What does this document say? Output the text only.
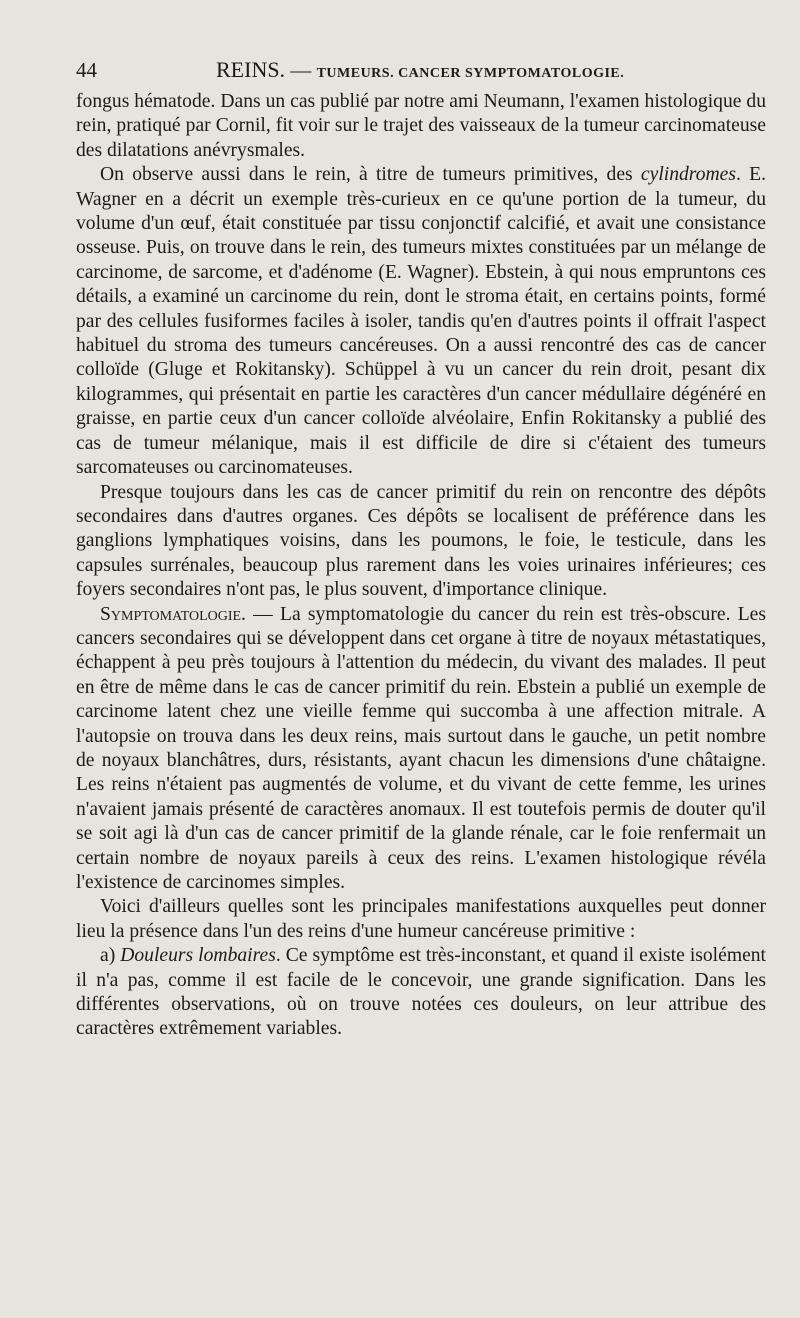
44	REINS. — TUMEURS. CANCER SYMPTOMATOLOGIE.

fongus hématode. Dans un cas publié par notre ami Neumann, l'examen histologique du rein, pratiqué par Cornil, fit voir sur le trajet des vaisseaux de la tumeur carcinomateuse des dilatations anévrysmales.

On observe aussi dans le rein, à titre de tumeurs primitives, des cylindromes. E. Wagner en a décrit un exemple très-curieux en ce qu'une portion de la tumeur, du volume d'un œuf, était constituée par tissu conjonctif calcifié, et avait une consistance osseuse. Puis, on trouve dans le rein, des tumeurs mixtes constituées par un mélange de carcinome, de sarcome, et d'adénome (E. Wagner). Ebstein, à qui nous empruntons ces détails, a examiné un carcinome du rein, dont le stroma était, en certains points, formé par des cellules fusiformes faciles à isoler, tandis qu'en d'autres points il offrait l'aspect habituel du stroma des tumeurs cancéreuses. On a aussi rencontré des cas de cancer colloïde (Gluge et Rokitansky). Schüppel à vu un cancer du rein droit, pesant dix kilogrammes, qui présentait en partie les caractères d'un cancer médullaire dégénéré en graisse, en partie ceux d'un cancer colloïde alvéolaire, Enfin Rokitansky a publié des cas de tumeur mélanique, mais il est difficile de dire si c'étaient des tumeurs sarcomateuses ou carcinomateuses.

Presque toujours dans les cas de cancer primitif du rein on rencontre des dépôts secondaires dans d'autres organes. Ces dépôts se localisent de préférence dans les ganglions lymphatiques voisins, dans les poumons, le foie, le testicule, dans les capsules surrénales, beaucoup plus rarement dans les voies urinaires inférieures; ces foyers secondaires n'ont pas, le plus souvent, d'importance clinique.

Symptomatologie. — La symptomatologie du cancer du rein est très-obscure. Les cancers secondaires qui se développent dans cet organe à titre de noyaux métastatiques, échappent à peu près toujours à l'attention du médecin, du vivant des malades. Il peut en être de même dans le cas de cancer primitif du rein. Ebstein a publié un exemple de carcinome latent chez une vieille femme qui succomba à une affection mitrale. A l'autopsie on trouva dans les deux reins, mais surtout dans le gauche, un petit nombre de noyaux blanchâtres, durs, résistants, ayant chacun les dimensions d'une châtaigne. Les reins n'étaient pas augmentés de volume, et du vivant de cette femme, les urines n'avaient jamais présenté de caractères anomaux. Il est toutefois permis de douter qu'il se soit agi là d'un cas de cancer primitif de la glande rénale, car le foie renfermait un certain nombre de noyaux pareils à ceux des reins. L'examen histologique révéla l'existence de carcinomes simples.

Voici d'ailleurs quelles sont les principales manifestations auxquelles peut donner lieu la présence dans l'un des reins d'une humeur cancéreuse primitive :

a) Douleurs lombaires. Ce symptôme est très-inconstant, et quand il existe isolément il n'a pas, comme il est facile de le concevoir, une grande signification. Dans les différentes observations, où on trouve notées ces douleurs, on leur attribue des caractères extrêmement variables.
